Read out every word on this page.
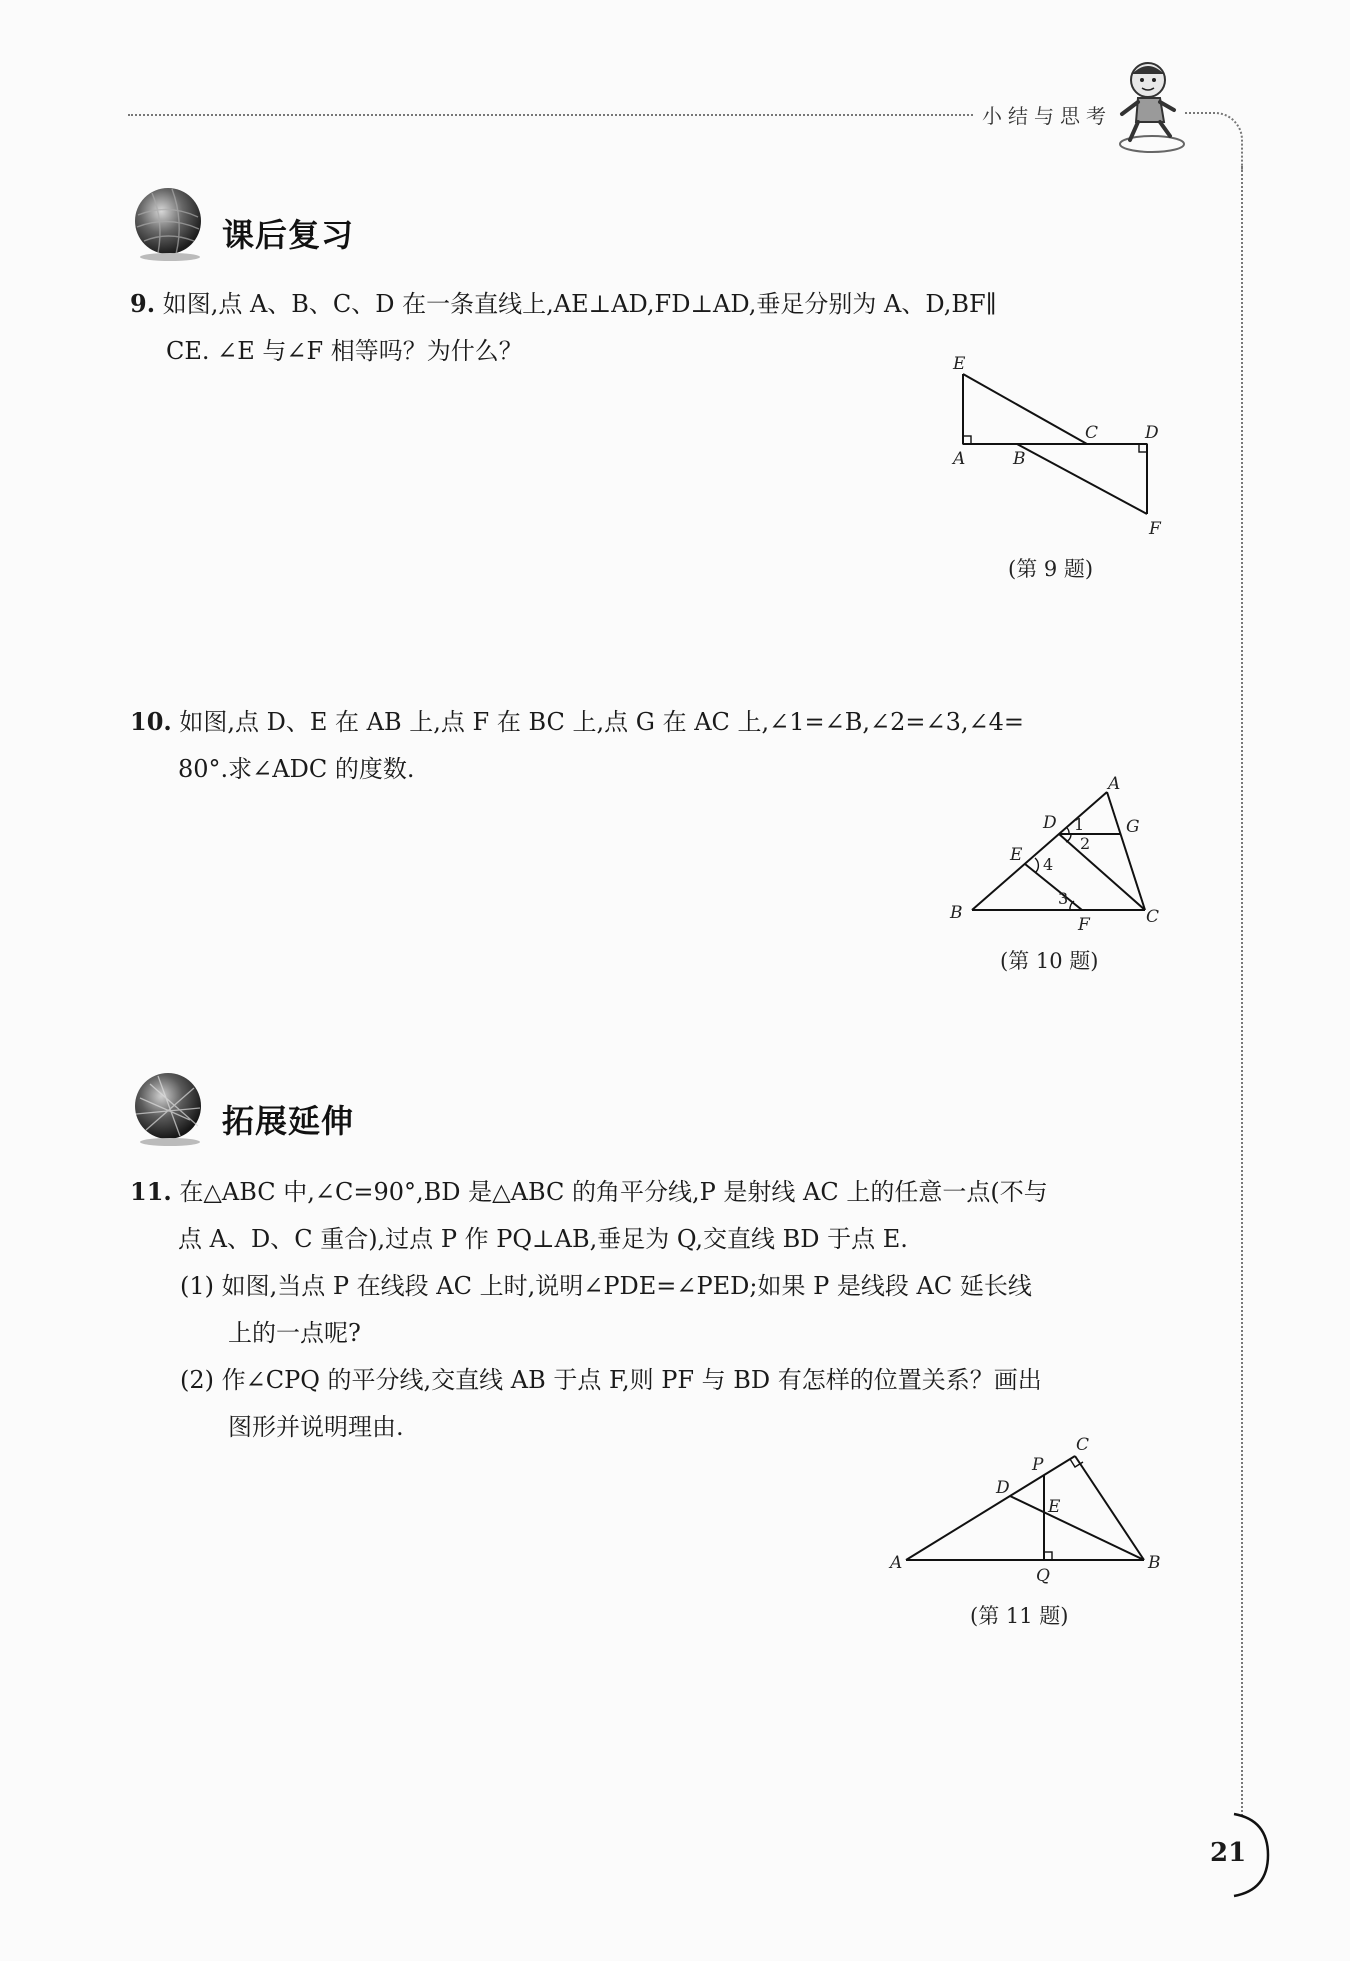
小结与思考
课后复习
9. 如图,点 A、B、C、D 在一条直线上,AE⊥AD,FD⊥AD,垂足分别为 A、D,BF∥
CE. ∠E 与∠F 相等吗？为什么？	E
A	B
C	D
F
(第 9 题)
10. 如图,点 D、E 在 AB 上,点 F 在 BC 上,点 G 在 AC 上,∠1=∠B,∠2=∠3,∠4=
80°.求∠ADC 的度数.
A
D	G
E
B
F	C
1
2
3
4
(第 10 题)
拓展延伸
11. 在△ABC 中,∠C=90°,BD 是△ABC 的角平分线,P 是射线 AC 上的任意一点(不与
点 A、D、C 重合),过点 P 作 PQ⊥AB,垂足为 Q,交直线 BD 于点 E.
(1) 如图,当点 P 在线段 AC 上时,说明∠PDE=∠PED;如果 P 是线段 AC 延长线
上的一点呢?
(2) 作∠CPQ 的平分线,交直线 AB 于点 F,则 PF 与 BD 有怎样的位置关系？画出
图形并说明理由.
C
P
D
E
A
Q
B
(第 11 题)
21
